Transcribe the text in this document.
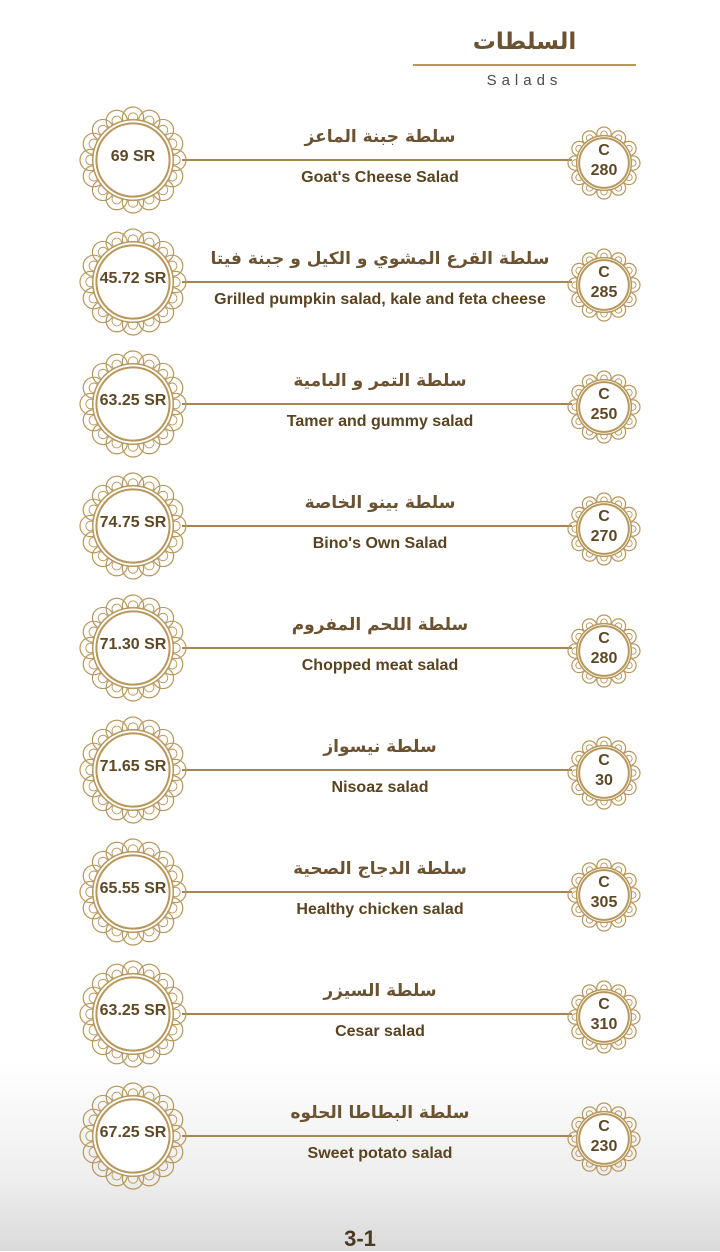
السلطات
Salads
69 SR
سلطة جبنة الماعز
Goat's Cheese Salad
C
280
45.72 SR
سلطة القرع المشوي و الكيل و جبنة فيتا
Grilled pumpkin salad, kale and feta cheese
C
285
63.25 SR
سلطة التمر و البامية
Tamer and gummy salad
C
250
74.75 SR
سلطة بينو الخاصة
Bino's Own Salad
C
270
71.30 SR
سلطة اللحم المفروم
Chopped meat salad
C
280
71.65 SR
سلطة نيسواز
Nisoaz salad
C
30
65.55 SR
سلطة الدجاج الصحية
Healthy chicken salad
C
305
63.25 SR
سلطة السيزر
Cesar salad
C
310
67.25 SR
سلطة البطاطا الحلوه
Sweet potato salad
C
230
3-1
